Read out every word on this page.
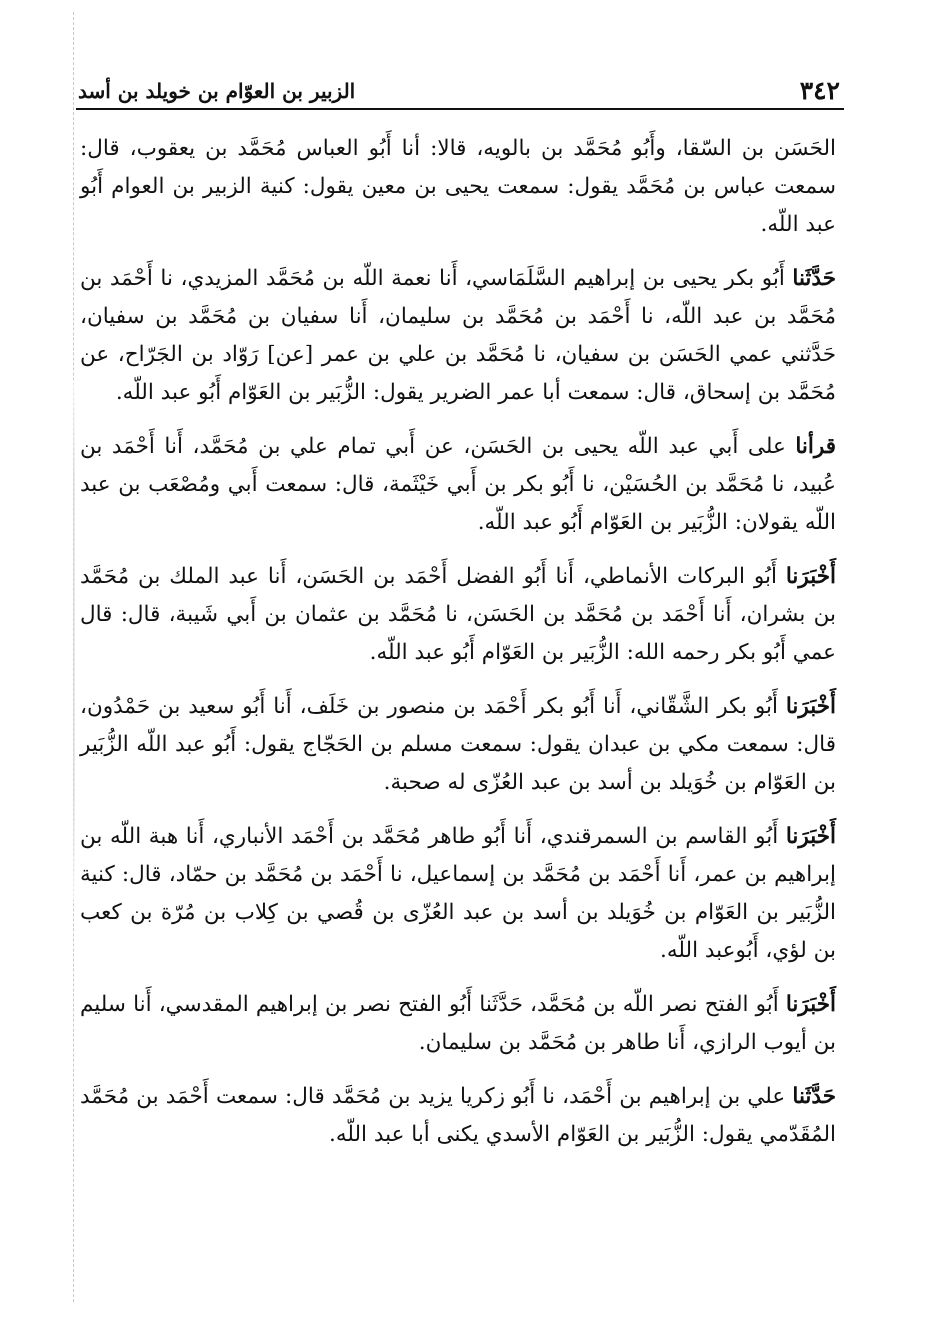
٣٤٢
الزبير بن العوّام بن خويلد بن أسد

الحَسَن بن السّقا، وأَبُو مُحَمَّد بن بالويه، قالا: أنا أَبُو العباس مُحَمَّد بن يعقوب، قال: سمعت عباس بن مُحَمَّد يقول: سمعت يحيى بن معين يقول: كنية الزبير بن العوام أَبُو عبد اللّه.

حَدَّثَنا أَبُو بكر يحيى بن إبراهيم السَّلَمَاسي، أَنا نعمة اللّه بن مُحَمَّد المزيدي، نا أَحْمَد بن مُحَمَّد بن عبد اللّه، نا أَحْمَد بن مُحَمَّد بن سليمان، أَنا سفيان بن مُحَمَّد بن سفيان، حَدَّثني عمي الحَسَن بن سفيان، نا مُحَمَّد بن علي بن عمر [عن] رَوّاد بن الجَرّاح، عن مُحَمَّد بن إسحاق، قال: سمعت أبا عمر الضرير يقول: الزُّبَير بن العَوّام أَبُو عبد اللّه.

قرأنا على أَبي عبد اللّه يحيى بن الحَسَن، عن أَبي تمام علي بن مُحَمَّد، أَنا أَحْمَد بن عُبيد، نا مُحَمَّد بن الحُسَيْن، نا أَبُو بكر بن أَبي خَيْثَمة، قال: سمعت أَبي ومُصْعَب بن عبد اللّه يقولان: الزُّبَير بن العَوّام أَبُو عبد اللّه.

أَخْبَرَنا أَبُو البركات الأنماطي، أَنا أَبُو الفضل أَحْمَد بن الحَسَن، أَنا عبد الملك بن مُحَمَّد بن بشران، أَنا أَحْمَد بن مُحَمَّد بن الحَسَن، نا مُحَمَّد بن عثمان بن أَبي شَيبة، قال: قال عمي أَبُو بكر رحمه الله: الزُّبَير بن العَوّام أَبُو عبد اللّه.

أَخْبَرَنا أَبُو بكر الشَّقّاني، أَنا أَبُو بكر أَحْمَد بن منصور بن خَلَف، أَنا أَبُو سعيد بن حَمْدُون، قال: سمعت مكي بن عبدان يقول: سمعت مسلم بن الحَجّاج يقول: أَبُو عبد اللّه الزُّبَير بن العَوّام بن خُوَيلد بن أسد بن عبد العُزّى له صحبة.

أَخْبَرَنا أَبُو القاسم بن السمرقندي، أَنا أَبُو طاهر مُحَمَّد بن أَحْمَد الأنباري، أَنا هبة اللّه بن إبراهيم بن عمر، أَنا أَحْمَد بن مُحَمَّد بن إسماعيل، نا أَحْمَد بن مُحَمَّد بن حمّاد، قال: كنية الزُّبَير بن العَوّام بن خُوَيلد بن أسد بن عبد العُزّى بن قُصي بن كِلاب بن مُرّة بن كعب بن لؤي، أَبُوعبد اللّه.

أَخْبَرَنا أَبُو الفتح نصر اللّه بن مُحَمَّد، حَدَّثَنا أَبُو الفتح نصر بن إبراهيم المقدسي، أَنا سليم بن أيوب الرازي، أَنا طاهر بن مُحَمَّد بن سليمان.

حَدَّثَنا علي بن إبراهيم بن أَحْمَد، نا أَبُو زكريا يزيد بن مُحَمَّد قال: سمعت أَحْمَد بن مُحَمَّد المُقَدّمي يقول: الزُّبَير بن العَوّام الأسدي يكنى أبا عبد اللّه.
